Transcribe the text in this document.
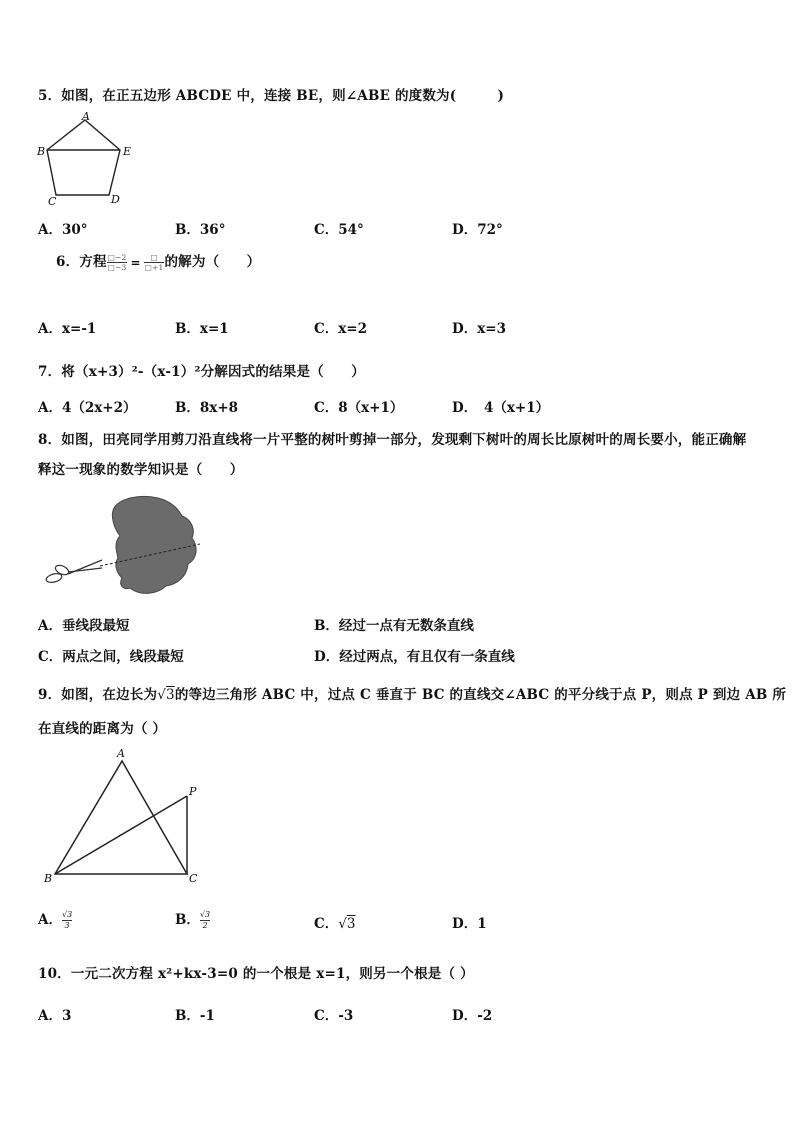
5．如图，在正五边形 ABCDE 中，连接 BE，则∠ABE 的度数为(　　　)
A
B	E
C	D
A．30°	B．36°	C．54°	D．72°
6．方程 $\frac{□-2}{□-3} = \frac{□}{□+1}$ 的解为（　　）
A．x=-1	B．x=1	C．x=2	D．x=3
7．将（x+3）²-（x-1）²分解因式的结果是（　　）
A．4（2x+2）	B．8x+8	C．8（x+1）	D．　4（x+1）
8．如图，田亮同学用剪刀沿直线将一片平整的树叶剪掉一部分，发现剩下树叶的周长比原树叶的周长要小，能正确解
释这一现象的数学知识是（　　）
A．垂线段最短	B．经过一点有无数条直线
C．两点之间，线段最短	D．经过两点，有且仅有一条直线
9．如图，在边长为√3的等边三角形 ABC 中，过点 C 垂直于 BC 的直线交∠ABC 的平分线于点 P，则点 P 到边 AB 所
在直线的距离为（ ）
A
B	C
P
A． $\frac{√3}{3}$	B． $\frac{√3}{2}$	C．√3	D．1
10．一元二次方程 x²+kx-3=0 的一个根是 x=1，则另一个根是（ ）
A．3	B．-1	C．-3	D．-2
